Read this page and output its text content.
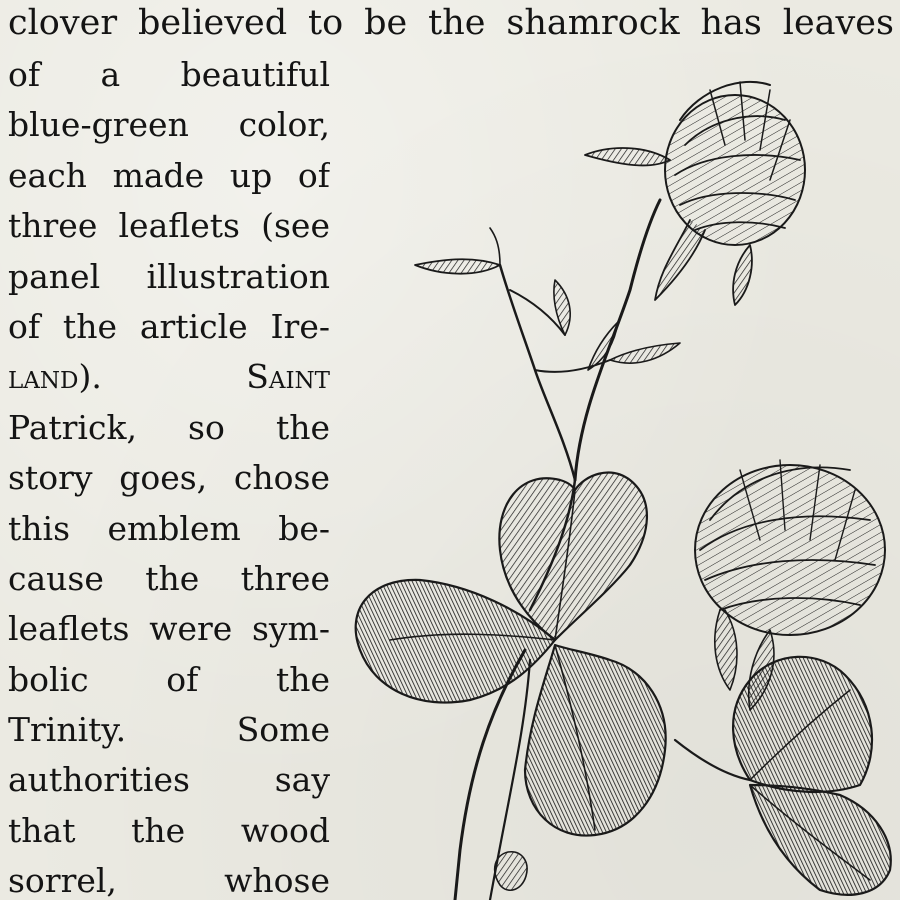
clover believed to be the shamrock has leaves
of a beautiful
blue-green color,
each made up of
three leaflets (see
panel illustration
of the article Ire-
land). Saint
Patrick, so the
story goes, chose
this emblem be-
cause the three
leaflets were sym-
bolic of the
Trinity. Some
authorities say
that the wood
sorrel, whose
